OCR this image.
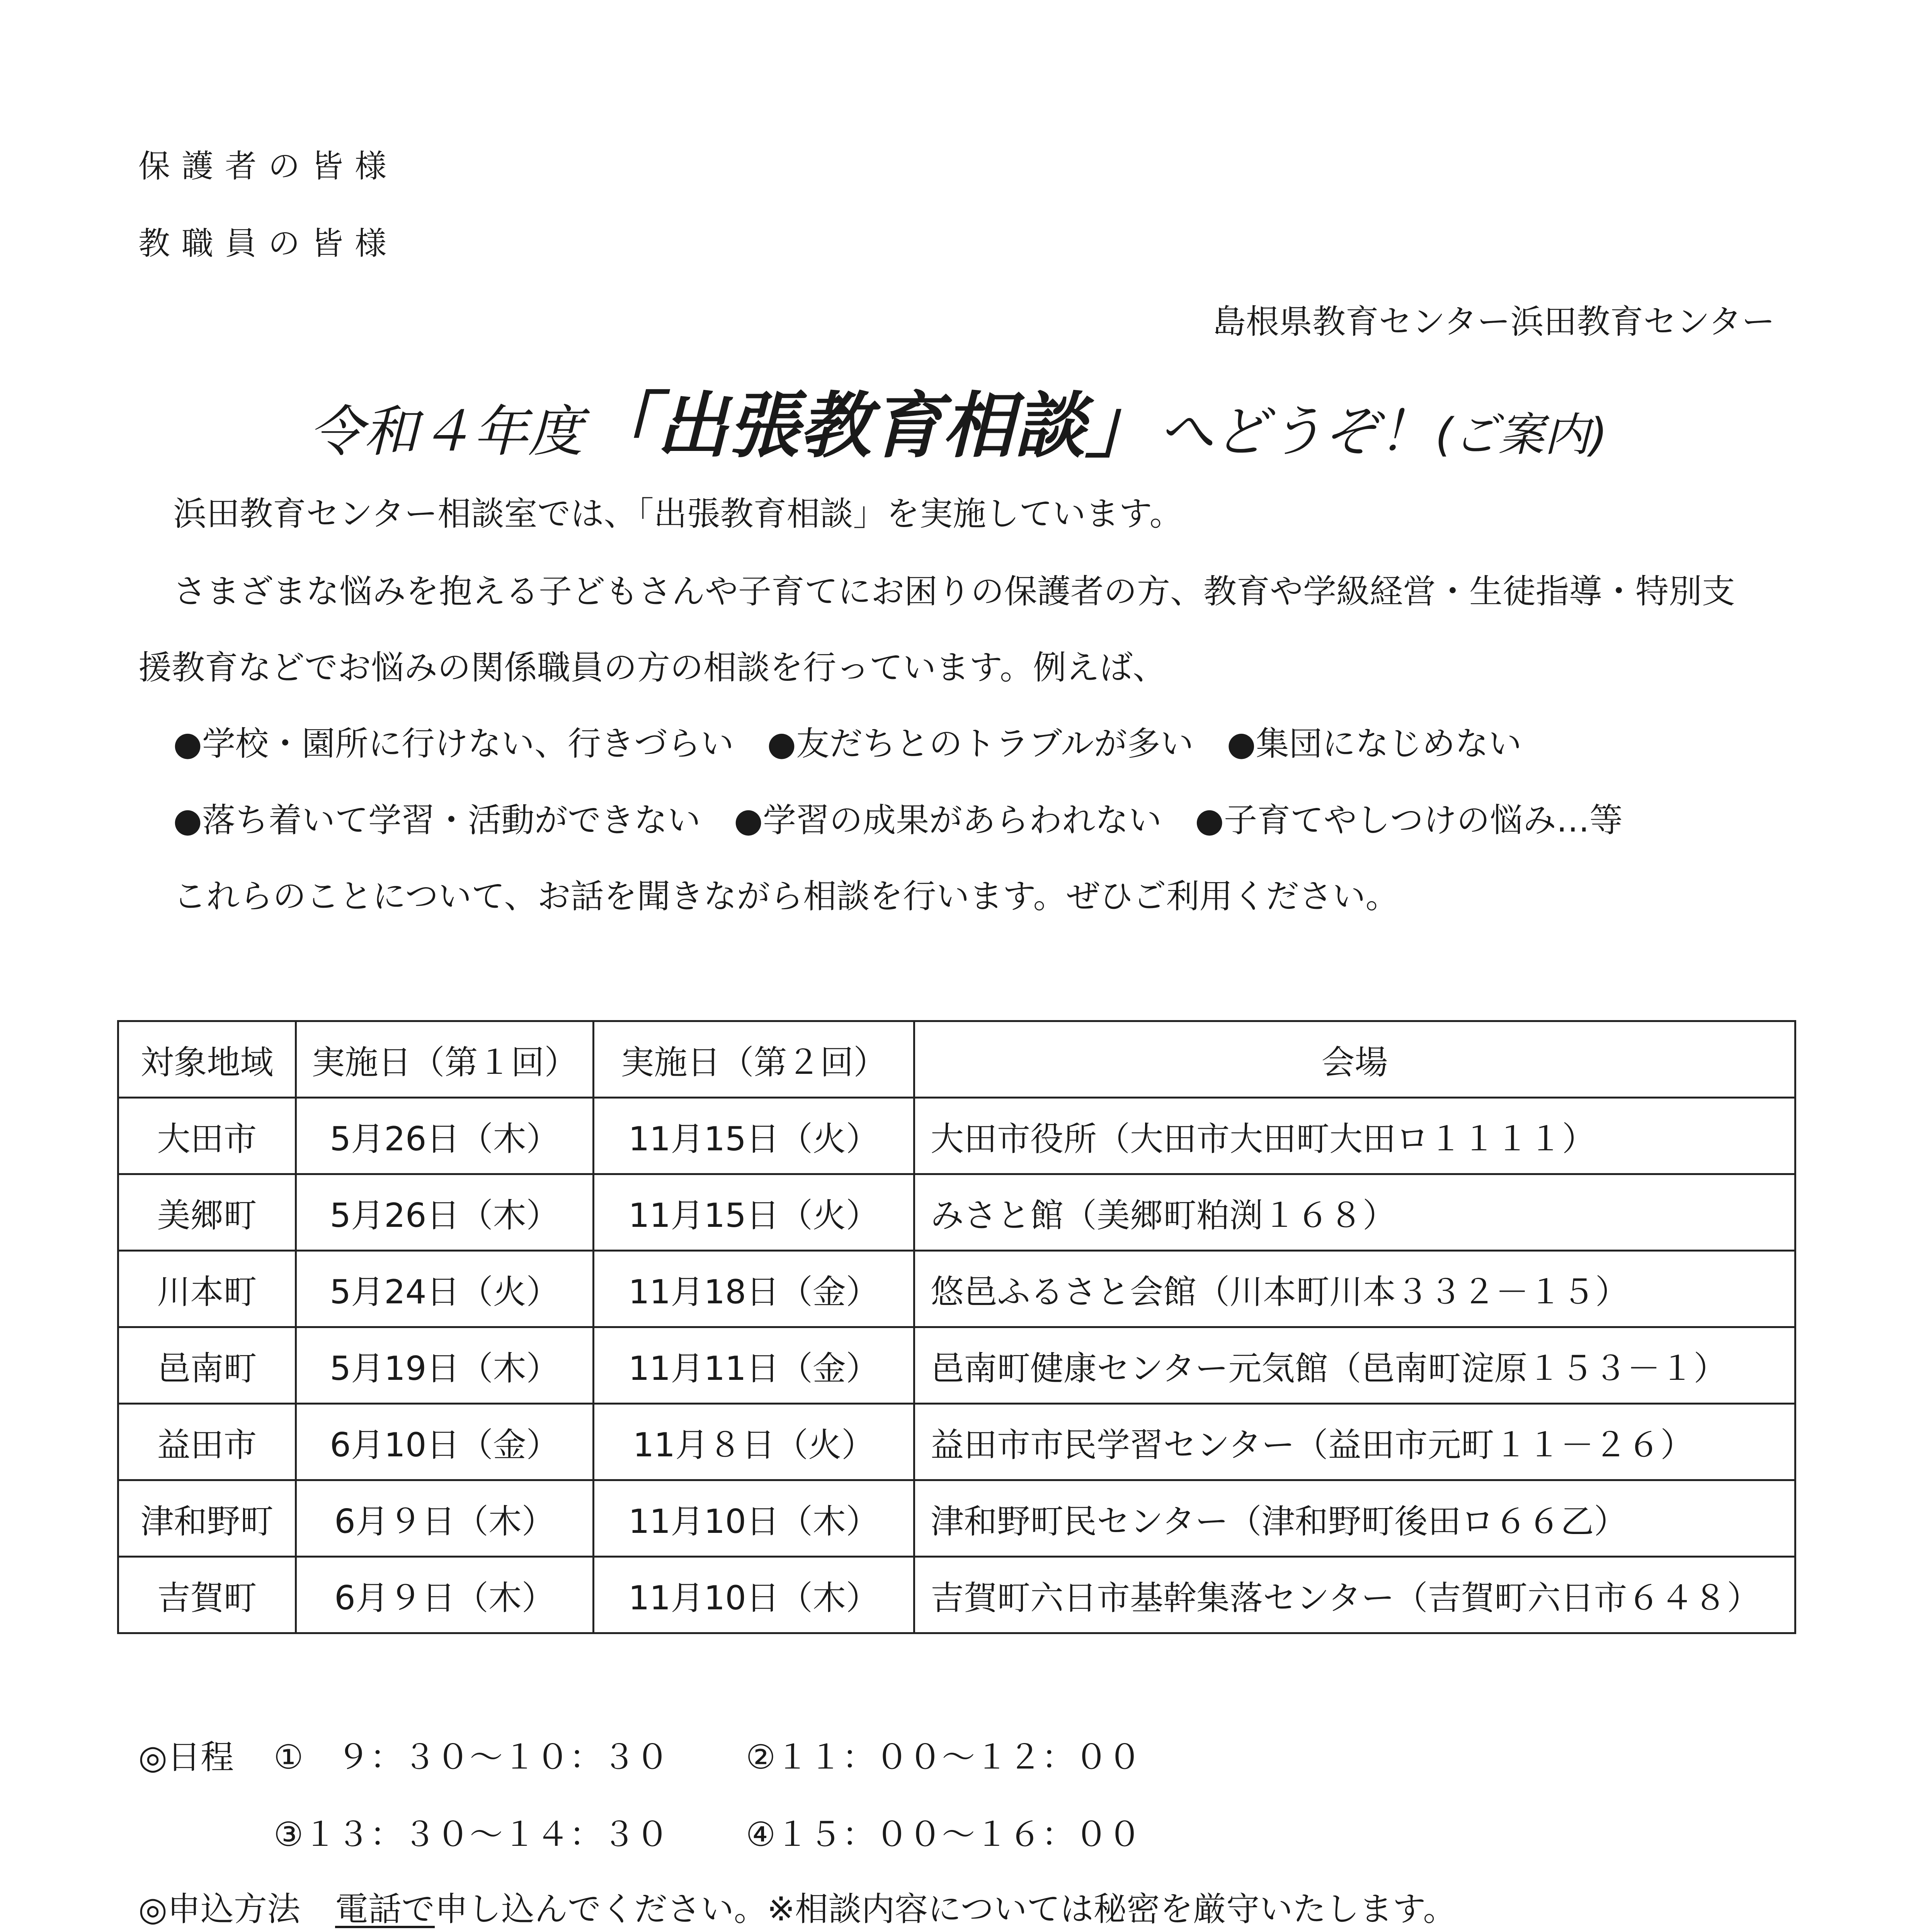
保護者の皆様
教職員の皆様
島根県教育センター浜田教育センター
令和４年度 「出張教育相談」 へどうぞ！ (ご案内)
浜田教育センター相談室では、「出張教育相談」を実施しています。
さまざまな悩みを抱える子どもさんや子育てにお困りの保護者の方、教育や学級経営・生徒指導・特別支
援教育などでお悩みの関係職員の方の相談を行っています。例えば、
●学校・園所に行けない、行きづらい　●友だちとのトラブルが多い　●集団になじめない
●落ち着いて学習・活動ができない　●学習の成果があらわれない　●子育てやしつけの悩み…等
これらのことについて、お話を聞きながら相談を行います。ぜひご利用ください。
対象地域	実施日（第１回）	実施日（第２回）	会場
大田市	5月26日（木）	11月15日（火）	大田市役所（大田市大田町大田ロ１１１１）
美郷町	5月26日（木）	11月15日（火）	みさと館（美郷町粕渕１６８）
川本町	5月24日（火）	11月18日（金）	悠邑ふるさと会館（川本町川本３３２－１５）
邑南町	5月19日（木）	11月11日（金）	邑南町健康センター元気館（邑南町淀原１５３－１）
益田市	6月10日（金）	11月８日（火）	益田市市民学習センター（益田市元町１１－２６）
津和野町	6月９日（木）	11月10日（木）	津和野町民センター（津和野町後田ロ６６乙）
吉賀町	6月９日（木）	11月10日（木）	吉賀町六日市基幹集落センター（吉賀町六日市６４８）
◎日程 ①　９：３０～１０：３０ ②１１：００～１２：００
③１３：３０～１４：３０ ④１５：００～１６：００
◎申込方法 電話で申し込んでください。※相談内容については秘密を厳守いたします。
